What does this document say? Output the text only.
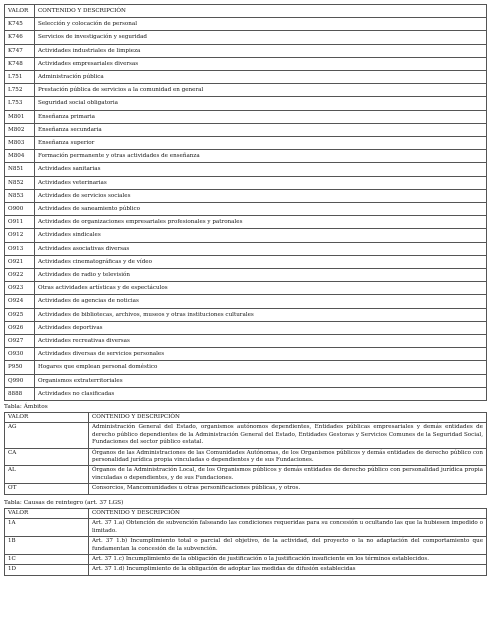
VALOR	CONTENIDO Y DESCRIPCIÓN
K745	Selección y colocación de personal
K746	Servicios de investigación y seguridad
K747	Actividades industriales de limpieza
K748	Actividades empresariales diversas
L751	Administración pública
L752	Prestación pública de servicios a la comunidad en general
L753	Seguridad social obligatoria
M801	Enseñanza primaria
M802	Enseñanza secundaria
M803	Enseñanza superior
M804	Formación permanente y otras actividades de enseñanza
N851	Actividades sanitarias
N852	Actividades veterinarias
N853	Actividades de servicios sociales
O900	Actividades de saneamiento público
O911	Actividades de organizaciones empresariales profesionales y patronales
O912	Actividades sindicales
O913	Actividades asociativas diversas
O921	Actividades cinematográficas y de vídeo
O922	Actividades de radio y televisión
O923	Otras actividades artísticas y de espectáculos
O924	Actividades de agencias de noticias
O925	Actividades de bibliotecas, archivos, museos y otras instituciones culturales
O926	Actividades deportivas
O927	Actividades recreativas diversas
O930	Actividades diversas de servicios personales
P950	Hogares que emplean personal doméstico
Q990	Organismos extraterritoriales
8888	Actividades no clasificadas
Tabla: Ámbitos
VALOR	CONTENIDO Y DESCRIPCIÓN
AG	Administración General del Estado, organismos autónomos dependientes, Entidades públicas empresariales y demás entidades de derecho público dependientes de la Administración General del Estado, Entidades Gestoras y Servicios Comunes de la Seguridad Social, Fundaciones del sector público estatal.
CA	Órganos de las Administraciones de las Comunidades Autónomas, de los Organismos públicos y demás entidades de derecho público con personalidad jurídica propia vinculadas o dependientes y de sus Fundaciones.
AL	Órganos de la Administración Local, de los Organismos públicos y demás entidades de derecho público con personalidad jurídica propia vinculadas o dependientes, y de sus Fundaciones.
OT	Consorcios, Mancomunidades u otras personificaciones públicas, y otros.
Tabla: Causas de reintegro (art. 37 LGS)
VALOR	CONTENIDO Y DESCRIPCIÓN
1A	Art. 37 1.a) Obtención de subvención falseando las condiciones requeridas para su concesión u ocultando las que la hubiesen impedido o limitado.
1B	Art. 37 1.b) Incumplimiento total o parcial del objetivo, de la actividad, del proyecto o la no adaptación del comportamiento que fundamentan la concesión de la subvención.
1C	Art. 37 1.c) Incumplimiento de la obligación de justificación o la justificación insuficiente en los términos establecidos.
1D	Art. 37 1.d) Incumplimiento de la obligación de adoptar las medidas de difusión establecidas
